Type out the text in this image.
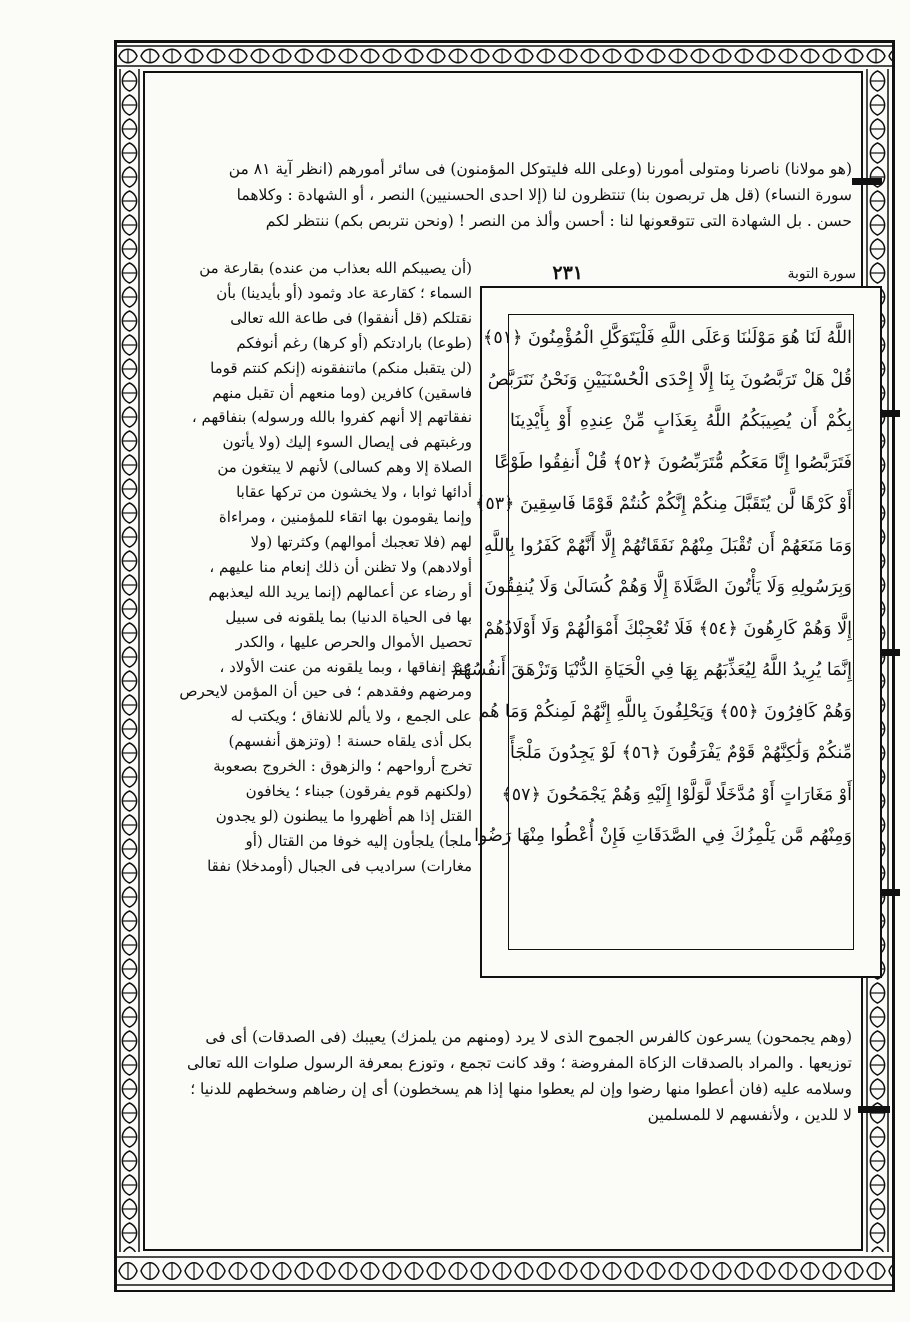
(هو مولانا) ناصرنا ومتولى أمورنا (وعلى الله فليتوكل المؤمنون) فى سائر أمورهم (انظر آية ٨١ من

سورة النساء) (قل هل تربصون بنا) تنتظرون لنا (إلا احدى الحسنيين) النصر ، أو الشهادة : وكلاهما

حسن . بل الشهادة التى تتوقعونها لنا : أحسن وألذ من النصر ! (ونحن نتربص بكم) ننتظر لكم

سورة التوبة
٢٣١
اللَّهُ لَنَا هُوَ مَوْلَىٰنَا وَعَلَى اللَّهِ فَلْيَتَوَكَّلِ الْمُؤْمِنُونَ ﴿٥١﴾
قُلْ هَلْ تَرَبَّصُونَ بِنَا إِلَّا إِحْدَى الْحُسْنَيَيْنِ وَنَحْنُ نَتَرَبَّصُ
بِكُمْ أَن يُصِيبَكُمُ اللَّهُ بِعَذَابٍ مِّنْ عِندِهِ أَوْ بِأَيْدِينَا
فَتَرَبَّصُوا إِنَّا مَعَكُم مُّتَرَبِّصُونَ ﴿٥٢﴾ قُلْ أَنفِقُوا طَوْعًا
أَوْ كَرْهًا لَّن يُتَقَبَّلَ مِنكُمْ إِنَّكُمْ كُنتُمْ قَوْمًا فَاسِقِينَ ﴿٥٣﴾
وَمَا مَنَعَهُمْ أَن تُقْبَلَ مِنْهُمْ نَفَقَاتُهُمْ إِلَّا أَنَّهُمْ كَفَرُوا بِاللَّهِ
وَبِرَسُولِهِ وَلَا يَأْتُونَ الصَّلَاةَ إِلَّا وَهُمْ كُسَالَىٰ وَلَا يُنفِقُونَ
إِلَّا وَهُمْ كَارِهُونَ ﴿٥٤﴾ فَلَا تُعْجِبْكَ أَمْوَالُهُمْ وَلَا أَوْلَادُهُمْ
إِنَّمَا يُرِيدُ اللَّهُ لِيُعَذِّبَهُم بِهَا فِي الْحَيَاةِ الدُّنْيَا وَتَزْهَقَ أَنفُسُهُمْ
وَهُمْ كَافِرُونَ ﴿٥٥﴾ وَيَحْلِفُونَ بِاللَّهِ إِنَّهُمْ لَمِنكُمْ وَمَا هُم
مِّنكُمْ وَلَٰكِنَّهُمْ قَوْمٌ يَفْرَقُونَ ﴿٥٦﴾ لَوْ يَجِدُونَ مَلْجَأً
أَوْ مَغَارَاتٍ أَوْ مُدَّخَلًا لَّوَلَّوْا إِلَيْهِ وَهُمْ يَجْمَحُونَ ﴿٥٧﴾
وَمِنْهُم مَّن يَلْمِزُكَ فِي الصَّدَقَاتِ فَإِنْ أُعْطُوا مِنْهَا رَضُوا

(أن يصيبكم الله بعذاب من عنده) بقارعة من

السماء ؛ كقارعة عاد وثمود (أو بأيدينا) بأن

نقتلكم (قل أنفقوا) فى طاعة الله تعالى

(طوعا) بارادتكم (أو كرها) رغم أنوفكم

(لن يتقبل منكم) ماتنفقونه (إنكم كنتم قوما

فاسقين) كافرين (وما منعهم أن تقبل منهم

نفقاتهم إلا أنهم كفروا بالله ورسوله) بنفاقهم ،

ورغبتهم فى إيصال السوء إليك (ولا يأتون

الصلاة إلا وهم كسالى) لأنهم لا يبتغون من

أدائها ثوابا ، ولا يخشون من تركها عقابا

وإنما يقومون بها اتقاء للمؤمنين ، ومراءاة

لهم (فلا تعجبك أموالهم) وكثرتها (ولا

أولادهم) ولا تظنن أن ذلك إنعام منا عليهم ،

أو رضاء عن أعمالهم (إنما يريد الله ليعذبهم

بها فى الحياة الدنيا) بما يلقونه فى سبيل

تحصيل الأموال والحرص عليها ، والكدر

عند إنفاقها ، وبما يلقونه من عنت الأولاد ،

ومرضهم وفقدهم ؛ فى حين أن المؤمن لايحرص

على الجمع ، ولا يألم للانفاق ؛ ويكتب له

بكل أذى يلقاه حسنة ! (وتزهق أنفسهم)

تخرج أرواحهم ؛ والزهوق : الخروج بصعوبة

(ولكنهم قوم يفرقون) جبناء ؛ يخافون

القتل إذا هم أظهروا ما يبطنون (لو يجدون

ملجأ) يلجأون إليه خوفا من القتال (أو

مغارات) سراديب فى الجبال (أومدخلا) نفقا

(وهم يجمحون) يسرعون كالفرس الجموح الذى لا يرد (ومنهم من يلمزك) يعيبك (فى الصدقات) أى فى

توزيعها . والمراد بالصدقات الزكاة المفروضة ؛ وقد كانت تجمع ، وتوزع بمعرفة الرسول صلوات الله تعالى

وسلامه عليه (فان أعطوا منها رضوا وإن لم يعطوا منها إذا هم يسخطون) أى إن رضاهم وسخطهم للدنيا ؛

لا للدين ، ولأنفسهم لا للمسلمين
